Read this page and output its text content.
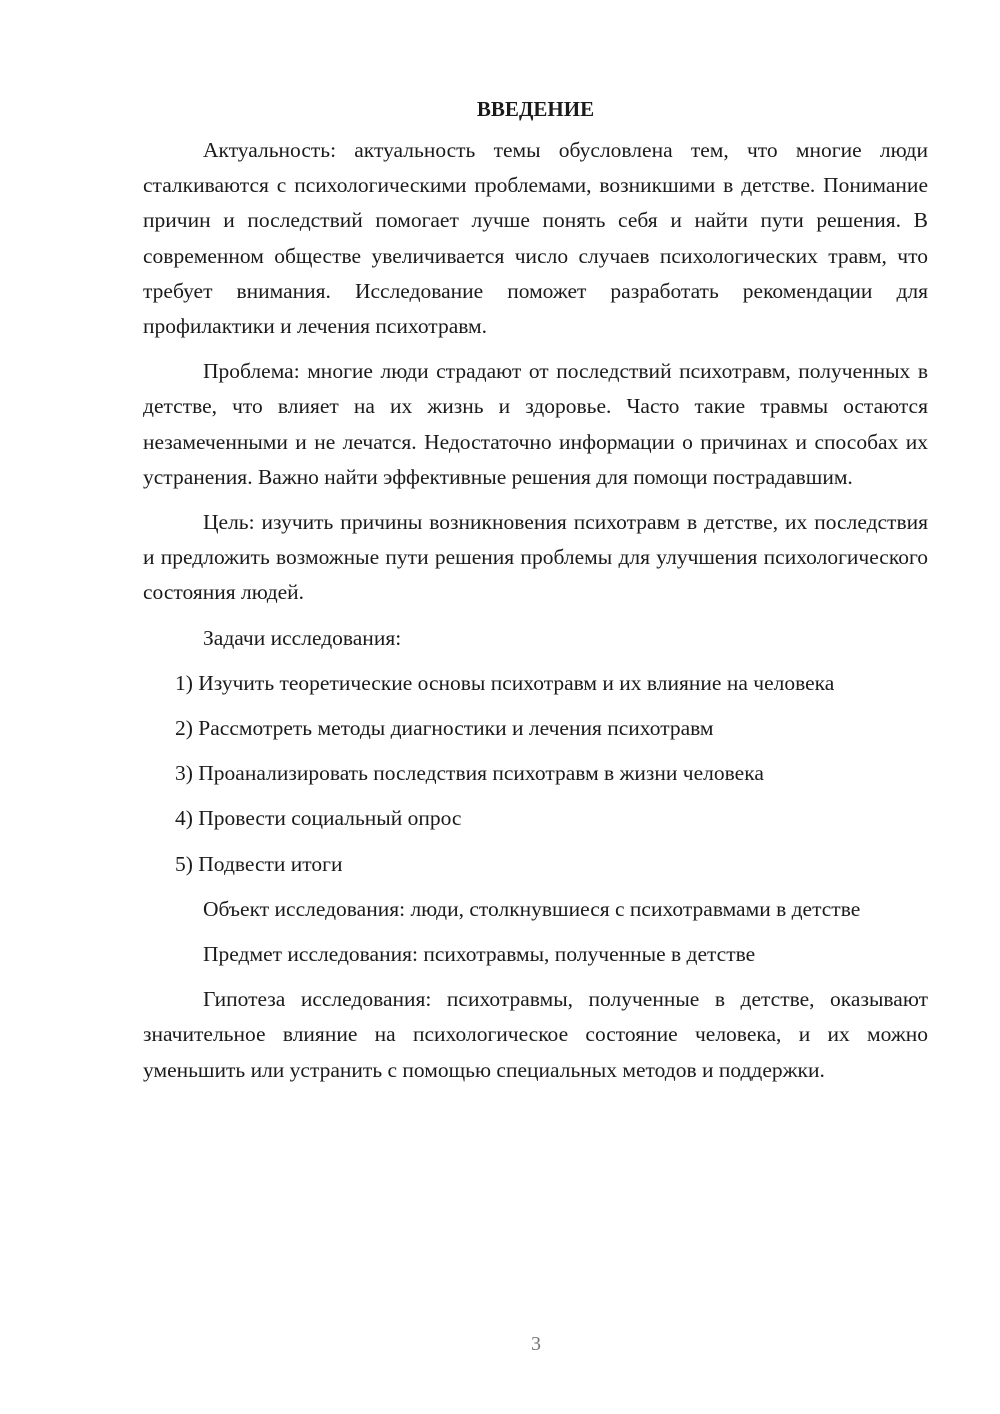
ВВЕДЕНИЕ

Актуальность: актуальность темы обусловлена тем, что многие люди сталкиваются с психологическими проблемами, возникшими в детстве. Понимание причин и последствий помогает лучше понять себя и найти пути решения. В современном обществе увеличивается число случаев психологических травм, что требует внимания. Исследование поможет разработать рекомендации для профилактики и лечения психотравм.

Проблема: многие люди страдают от последствий психотравм, полученных в детстве, что влияет на их жизнь и здоровье. Часто такие травмы остаются незамеченными и не лечатся. Недостаточно информации о причинах и способах их устранения. Важно найти эффективные решения для помощи пострадавшим.

Цель: изучить причины возникновения психотравм в детстве, их последствия и предложить возможные пути решения проблемы для улучшения психологического состояния людей.

Задачи исследования:

1) Изучить теоретические основы психотравм и их влияние на человека

2) Рассмотреть методы диагностики и лечения психотравм

3) Проанализировать последствия психотравм в жизни человека

4) Провести социальный опрос

5) Подвести итоги

Объект исследования: люди, столкнувшиеся с психотравмами в детстве

Предмет исследования: психотравмы, полученные в детстве

Гипотеза исследования: психотравмы, полученные в детстве, оказывают значительное влияние на психологическое состояние человека, и их можно уменьшить или устранить с помощью специальных методов и поддержки.

3
